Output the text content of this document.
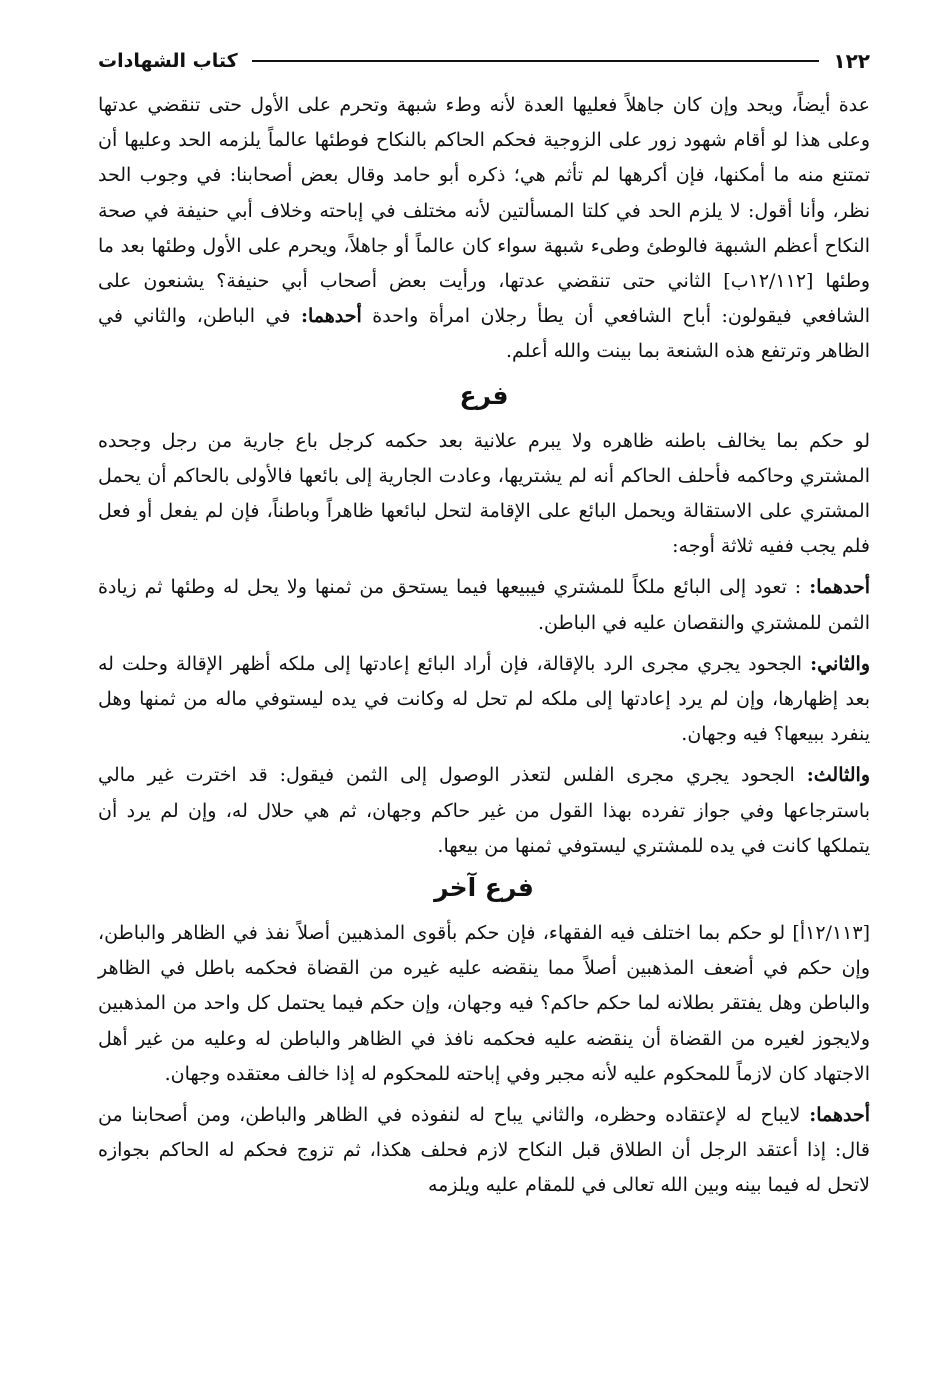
١٢٢
كتاب الشهادات

عدة أيضاً، ويحد وإن كان جاهلاً فعليها العدة لأنه وطء شبهة وتحرم على الأول حتى تنقضي عدتها وعلى هذا لو أقام شهود زور على الزوجية فحكم الحاكم بالنكاح فوطئها عالماً يلزمه الحد وعليها أن تمتنع منه ما أمكنها، فإن أكرهها لم تأثم هي؛ ذكره أبو حامد وقال بعض أصحابنا: في وجوب الحد نظر، وأنا أقول: لا يلزم الحد في كلتا المسألتين لأنه مختلف في إباحته وخلاف أبي حنيفة في صحة النكاح أعظم الشبهة فالوطئ وطىء شبهة سواء كان عالماً أو جاهلاً، ويحرم على الأول وطئها بعد ما وطئها [١٢/١١٢ب] الثاني حتى تنقضي عدتها، ورأيت بعض أصحاب أبي حنيفة؟ يشنعون على الشافعي فيقولون: أباح الشافعي أن يطأ رجلان امرأة واحدة أحدهما: في الباطن، والثاني في الظاهر وترتفع هذه الشنعة بما بينت والله أعلم.

فرع

لو حكم بما يخالف باطنه ظاهره ولا يبرم علانية بعد حكمه كرجل باع جارية من رجل وجحده المشتري وحاكمه فأحلف الحاكم أنه لم يشتريها، وعادت الجارية إلى بائعها فالأولى بالحاكم أن يحمل المشتري على الاستقالة ويحمل البائع على الإقامة لتحل لبائعها ظاهراً وباطناً، فإن لم يفعل أو فعل فلم يجب ففيه ثلاثة أوجه:

أحدهما: : تعود إلى البائع ملكاً للمشتري فيبيعها فيما يستحق من ثمنها ولا يحل له وطئها ثم زيادة الثمن للمشتري والنقصان عليه في الباطن.

والثاني: الجحود يجري مجرى الرد بالإقالة، فإن أراد البائع إعادتها إلى ملكه أظهر الإقالة وحلت له بعد إظهارها، وإن لم يرد إعادتها إلى ملكه لم تحل له وكانت في يده ليستوفي ماله من ثمنها وهل ينفرد ببيعها؟ فيه وجهان.

والثالث: الجحود يجري مجرى الفلس لتعذر الوصول إلى الثمن فيقول: قد اخترت غير مالي باسترجاعها وفي جواز تفرده بهذا القول من غير حاكم وجهان، ثم هي حلال له، وإن لم يرد أن يتملكها كانت في يده للمشتري ليستوفي ثمنها من بيعها.

فرع آخر

[١٢/١١٣أ] لو حكم بما اختلف فيه الفقهاء، فإن حكم بأقوى المذهبين أصلاً نفذ في الظاهر والباطن، وإن حكم في أضعف المذهبين أصلاً مما ينقضه عليه غيره من القضاة فحكمه باطل في الظاهر والباطن وهل يفتقر بطلانه لما حكم حاكم؟ فيه وجهان، وإن حكم فيما يحتمل كل واحد من المذهبين ولايجوز لغيره من القضاة أن ينقضه عليه فحكمه نافذ في الظاهر والباطن له وعليه من غير أهل الاجتهاد كان لازماً للمحكوم عليه لأنه مجبر وفي إباحته للمحكوم له إذا خالف معتقده وجهان.

أحدهما: لايباح له لإعتقاده وحظره، والثاني يباح له لنفوذه في الظاهر والباطن، ومن أصحابنا من قال: إذا أعتقد الرجل أن الطلاق قبل النكاح لازم فحلف هكذا، ثم تزوج فحكم له الحاكم بجوازه لاتحل له فيما بينه وبين الله تعالى في للمقام عليه ويلزمه
